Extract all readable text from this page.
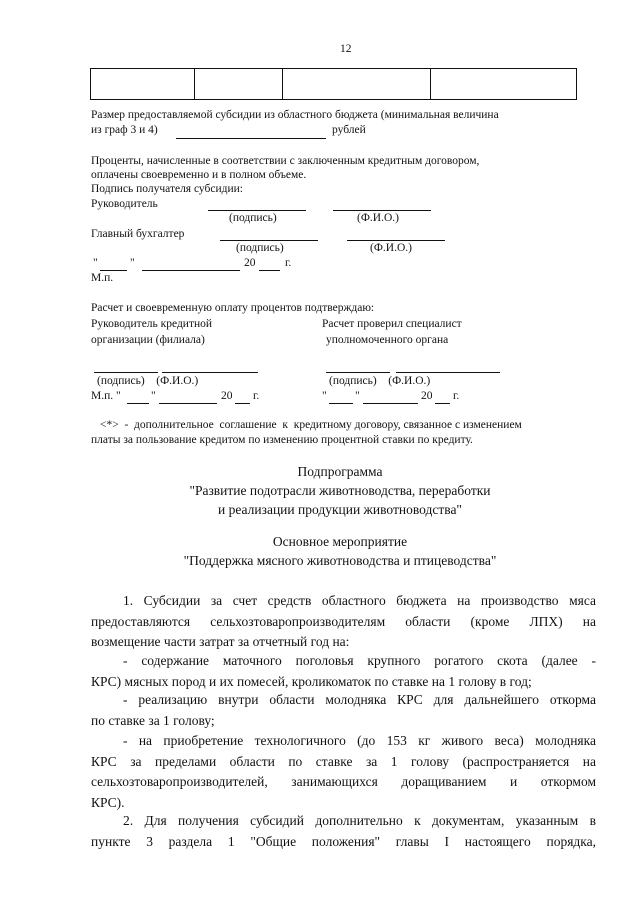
12
Размер предоставляемой субсидии из областного бюджета (минимальная величина
из граф 3 и 4)	рублей
Проценты, начисленные в соответствии с заключенным кредитным договором,
оплачены своевременно и в полном объеме.
Подпись получателя субсидии:
Руководитель
(подпись)	(Ф.И.О.)
Главный бухгалтер
(подпись)	(Ф.И.О.)
"	"	20	г.
М.п.
Расчет и своевременную оплату процентов подтверждаю:
Руководитель кредитной
организации (филиала)
Расчет проверил специалист
уполномоченного органа
(подпись)    (Ф.И.О.)	(подпись)    (Ф.И.О.)
М.п. "	"	20 г.	" "	20 г.
<*>  -  дополнительное  соглашение  к  кредитному договору, связанное с изменением
платы за пользование кредитом по изменению процентной ставки по кредиту.
Подпрограмма
"Развитие подотрасли животноводства, переработки
и реализации продукции животноводства"
Основное мероприятие
"Поддержка мясного животноводства и птицеводства"
1. Субсидии за счет средств областного бюджета на производство мяса
предоставляются сельхозтоваропроизводителям области (кроме ЛПХ) на
возмещение части затрат за отчетный год на:
- содержание маточного поголовья крупного рогатого скота (далее -
КРС) мясных пород и их помесей, кроликоматок по ставке на 1 голову в год;
- реализацию внутри области молодняка КРС для дальнейшего откорма
по ставке за 1 голову;
- на приобретение технологичного (до 153 кг живого веса) молодняка
КРС за пределами области по ставке за 1 голову (распространяется на
сельхозтоваропроизводителей, занимающихся доращиванием и откормом
КРС).
2. Для получения субсидий дополнительно к документам, указанным в
пункте 3 раздела 1 "Общие положения" главы I настоящего порядка,
